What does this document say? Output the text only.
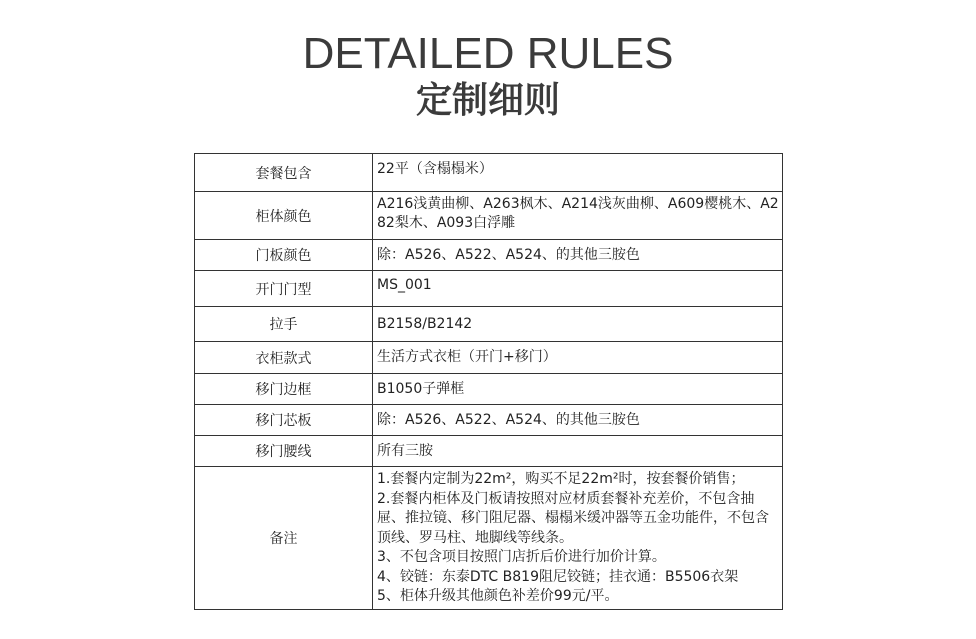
DETAILED RULES
定制细则
套餐包含	22平（含榻榻米）
柜体颜色	A216浅黄曲柳、A263枫木、A214浅灰曲柳、A609樱桃木、A282梨木、A093白浮雕
门板颜色	除：A526、A522、A524、的其他三胺色
开门门型	MS_001
拉手	B2158/B2142
衣柜款式	生活方式衣柜（开门+移门）
移门边框	B1050子弹框
移门芯板	除：A526、A522、A524、的其他三胺色
移门腰线	所有三胺
备注	1.套餐内定制为22m²，购买不足22m²时，按套餐价销售；
2.套餐内柜体及门板请按照对应材质套餐补充差价，不包含抽屉、推拉镜、移门阻尼器、榻榻米缓冲器等五金功能件，不包含顶线、罗马柱、地脚线等线条。
3、不包含项目按照门店折后价进行加价计算。
4、铰链：东泰DTC B819阻尼铰链；挂衣通：B5506衣架
5、柜体升级其他颜色补差价99元/平。
